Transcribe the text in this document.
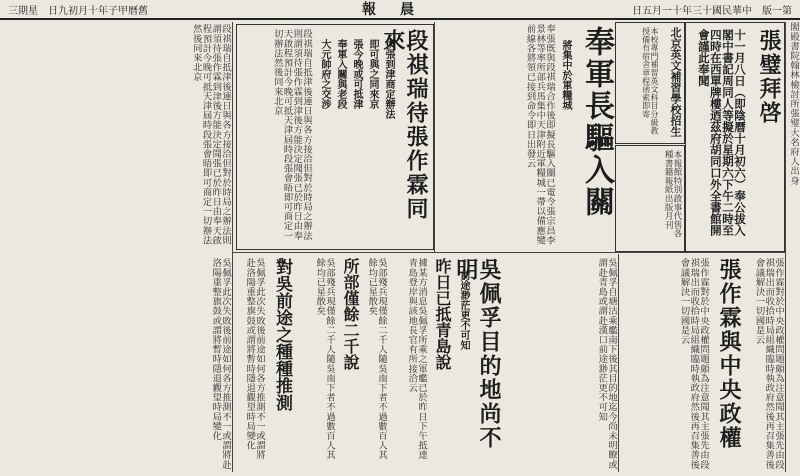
三期星　日九初月十年子甲曆舊	報晨	日五月一十年三十國民華中　版一第
閣殿書院翰林檢討所張璧大名府人出身
張璧拜啓
十一月八日（即陰曆十月初六）奉公拔入閣中書記周同人等擬於星期六下午二時至四時在西單牌樓迺茲府胡同口外全書館開會謹此奉聞
北京英文補習學校招生
本校專門補習英文科目分級教授備有宿舍章程函索即寄
本報館特別啟事代售各種書籍報紙出版月刊
奉軍長驅入關
將集中於軍糧城
奉張既與段祺瑞合作後即擬長驅入關已電令張宗昌李景林等率所部兵馬集中天津附近軍糧城一帶以備應變前線各將領已接到命令即日出發云
段祺瑞待張作霖同來
俟張到津商定辦法
即可與之同來京
張今晚或可抵津
奉軍入關與老段
大元帥府之交涉
段祺瑞自抵津後連日與各方接洽但對於時局之辦法則謂須待張作霖到津後方能決定聞張已於昨日由奉天啟程預計今晚可抵天津屆時段張會晤即可商定一切辦法然後同來北京
段祺瑞自抵津後連日與各方接洽但對於時局之辦法則謂須待張作霖到津後方能決定聞張已於昨日由奉天啟程預計今晚可抵天津屆時段張會晤即可商定一切辦法然後同來北京
張作霖與中央政權
張作霖對於中央政權問題頗為注意聞其主張先由段祺瑞出而收拾時局組織臨時執政府然後再召集善後會議解決一切國是云	張作霖對於中央政權問題頗為注意聞其主張先由段祺瑞出而收拾時局組織臨時執政府然後再召集善後會議解決一切國是云
吳佩孚目的地尚不明
前途渺茫更不可知	吳佩孚自塘沽乘艦南下後其目的地迄今尚未明瞭或謂赴青島或謂赴漢口前途渺茫更不可知
昨日已抵青島說
據某方消息吳佩孚所乘之軍艦已於昨日下午抵達青島登岸與該地長官有所接洽云
所部僅餘二千說
吳部殘兵現僅餘二千人隨吳南下者不過數百人其餘均已星散矣	吳部殘兵現僅餘二千人隨吳南下者不過數百人其餘均已星散矣
對吳前途之種種推測
吳佩孚此次失敗後前途如何各方推測不一或謂將赴洛陽重整旗鼓或謂將暫時隱退觀望時局變化
吳佩孚此次失敗後前途如何各方推測不一或謂將赴洛陽重整旗鼓或謂將暫時隱退觀望時局變化
